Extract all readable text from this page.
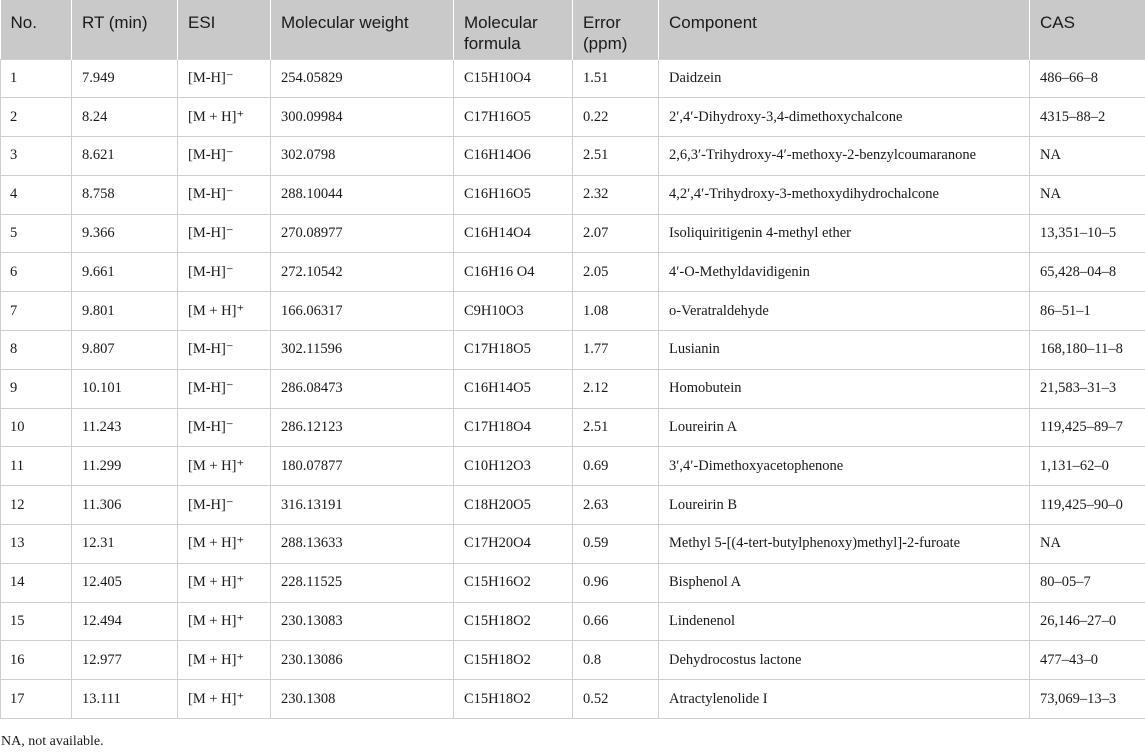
No.	RT (min)	ESI	Molecular weight	Molecular formula	Error (ppm)	Component	CAS
1	7.949	[M-H]⁻	254.05829	C15H10O4	1.51	Daidzein	486–66–8
2	8.24	[M + H]⁺	300.09984	C17H16O5	0.22	2′,4′-Dihydroxy-3,4-dimethoxychalcone	4315–88–2
3	8.621	[M-H]⁻	302.0798	C16H14O6	2.51	2,6,3′-Trihydroxy-4′-methoxy-2-benzylcoumaranone	NA
4	8.758	[M-H]⁻	288.10044	C16H16O5	2.32	4,2′,4′-Trihydroxy-3-methoxydihydrochalcone	NA
5	9.366	[M-H]⁻	270.08977	C16H14O4	2.07	Isoliquiritigenin 4-methyl ether	13,351–10–5
6	9.661	[M-H]⁻	272.10542	C16H16 O4	2.05	4′-O-Methyldavidigenin	65,428–04–8
7	9.801	[M + H]⁺	166.06317	C9H10O3	1.08	o-Veratraldehyde	86–51–1
8	9.807	[M-H]⁻	302.11596	C17H18O5	1.77	Lusianin	168,180–11–8
9	10.101	[M-H]⁻	286.08473	C16H14O5	2.12	Homobutein	21,583–31–3
10	11.243	[M-H]⁻	286.12123	C17H18O4	2.51	Loureirin A	119,425–89–7
11	11.299	[M + H]⁺	180.07877	C10H12O3	0.69	3′,4′-Dimethoxyacetophenone	1,131–62–0
12	11.306	[M-H]⁻	316.13191	C18H20O5	2.63	Loureirin B	119,425–90–0
13	12.31	[M + H]⁺	288.13633	C17H20O4	0.59	Methyl 5-[(4-tert-butylphenoxy)methyl]-2-furoate	NA
14	12.405	[M + H]⁺	228.11525	C15H16O2	0.96	Bisphenol A	80–05–7
15	12.494	[M + H]⁺	230.13083	C15H18O2	0.66	Lindenenol	26,146–27–0
16	12.977	[M + H]⁺	230.13086	C15H18O2	0.8	Dehydrocostus lactone	477–43–0
17	13.111	[M + H]⁺	230.1308	C15H18O2	0.52	Atractylenolide I	73,069–13–3
NA, not available.
